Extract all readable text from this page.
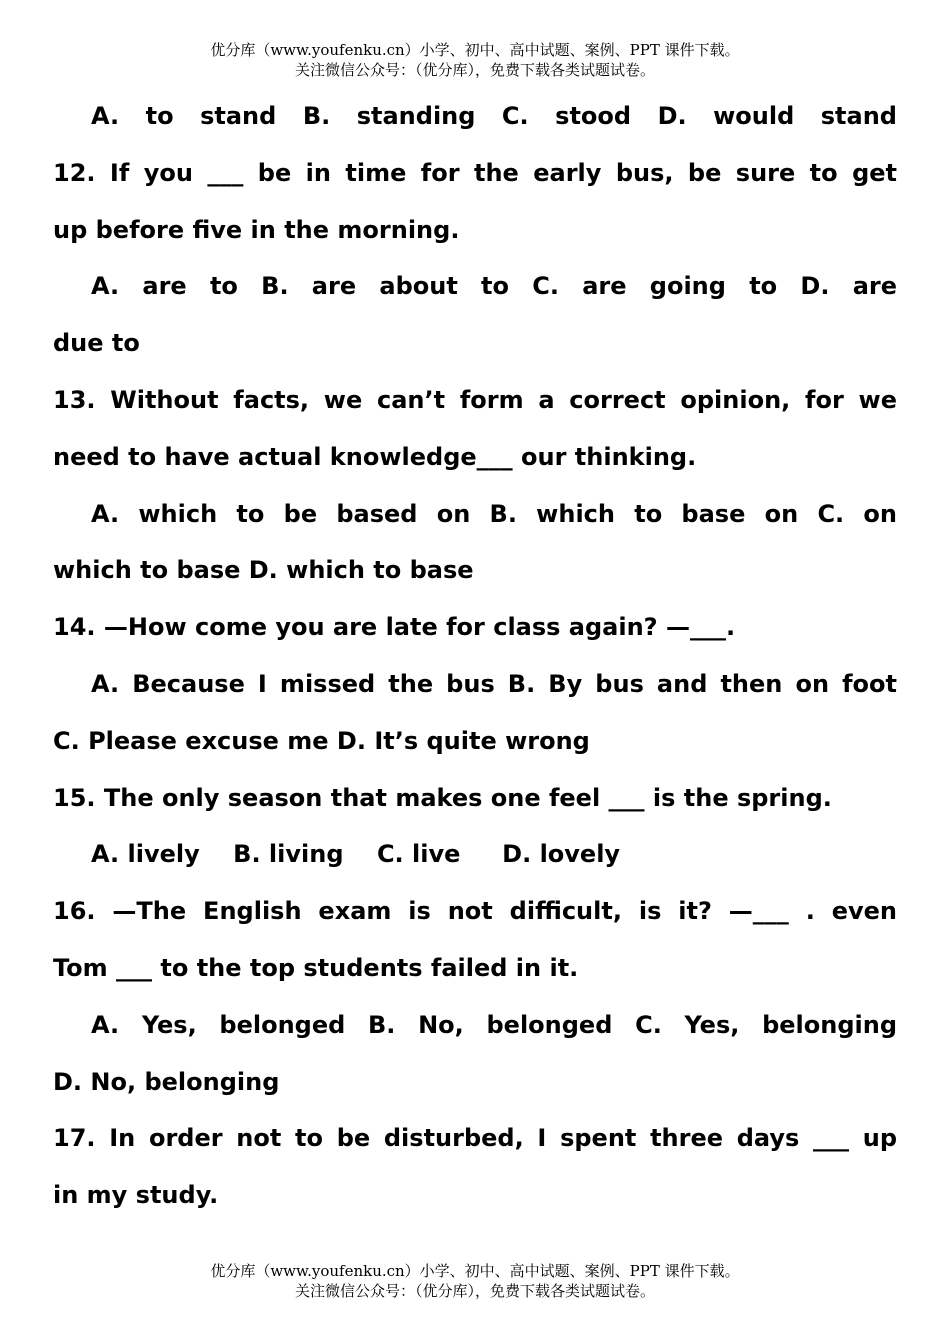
优分库（www.youfenku.cn）小学、初中、高中试题、案例、PPT 课件下载。
关注微信公众号：（优分库），免费下载各类试题试卷。
A. to stand B. standing C. stood D. would stand
12. If you ___ be in time for the early bus, be sure to get
up before five in the morning.
A. are to B. are about to C. are going to D. are
due to
13. Without facts, we can’t form a correct opinion, for we
need to have actual knowledge___ our thinking.
A. which to be based on B. which to base on C. on
which to base D. which to base
14. —How come you are late for class again? —___.
A. Because I missed the bus B. By bus and then on foot
C. Please excuse me D. It’s quite wrong
15. The only season that makes one feel ___ is the spring.
A. lively    B. living    C. live     D. lovely
16. —The English exam is not difficult, is it? —___ . even
Tom ___ to the top students failed in it.
A. Yes, belonged B. No, belonged C. Yes, belonging
D. No, belonging
17. In order not to be disturbed, I spent three days ___ up
in my study.
优分库（www.youfenku.cn）小学、初中、高中试题、案例、PPT 课件下载。
关注微信公众号：（优分库），免费下载各类试题试卷。
